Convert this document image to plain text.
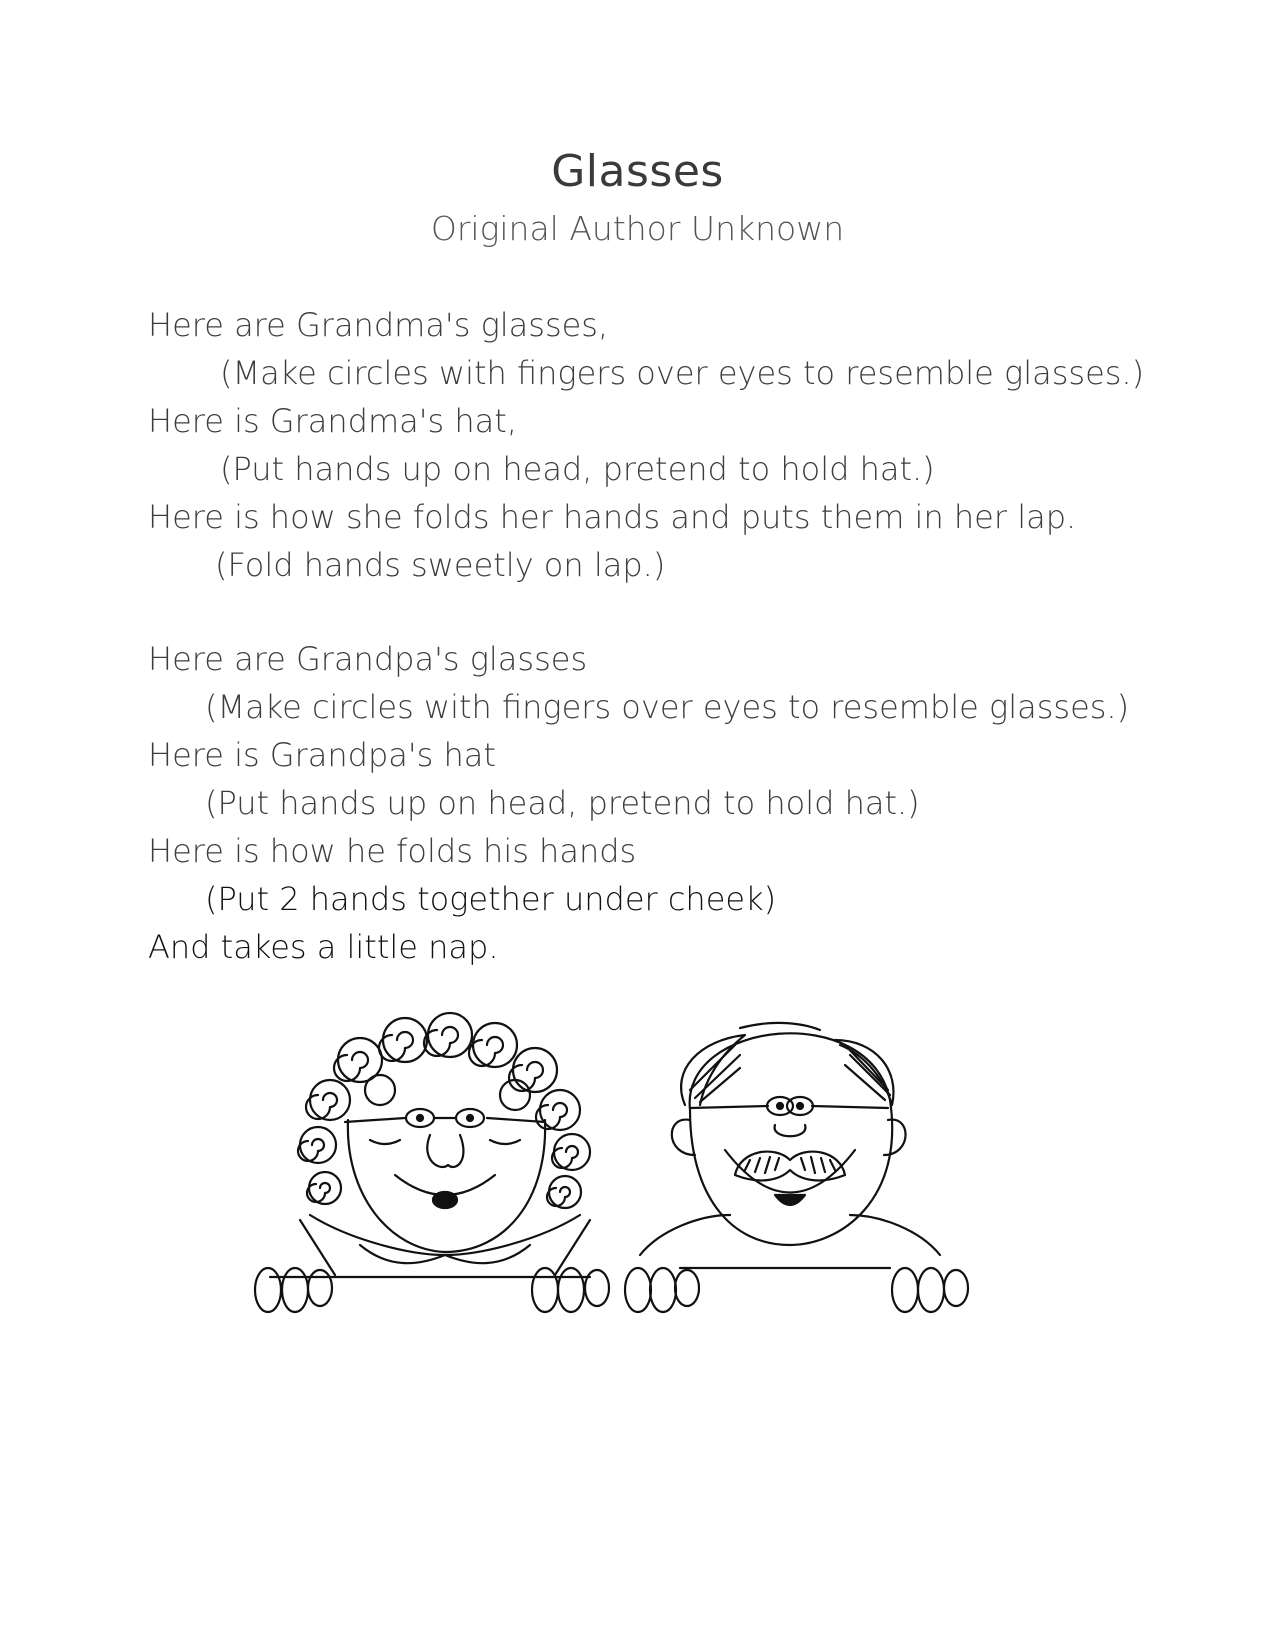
Glasses
Original Author Unknown
Here are Grandma's glasses,
(Make circles with fingers over eyes to resemble glasses.)
Here is Grandma's hat,
(Put hands up on head, pretend to hold hat.)
Here is how she folds her hands and puts them in her lap.
(Fold hands sweetly on lap.)
Here are Grandpa's glasses
(Make circles with fingers over eyes to resemble glasses.)
Here is Grandpa's hat
(Put hands up on head, pretend to hold hat.)
Here is how he folds his hands
(Put 2 hands together under cheek)
And takes a little nap.
